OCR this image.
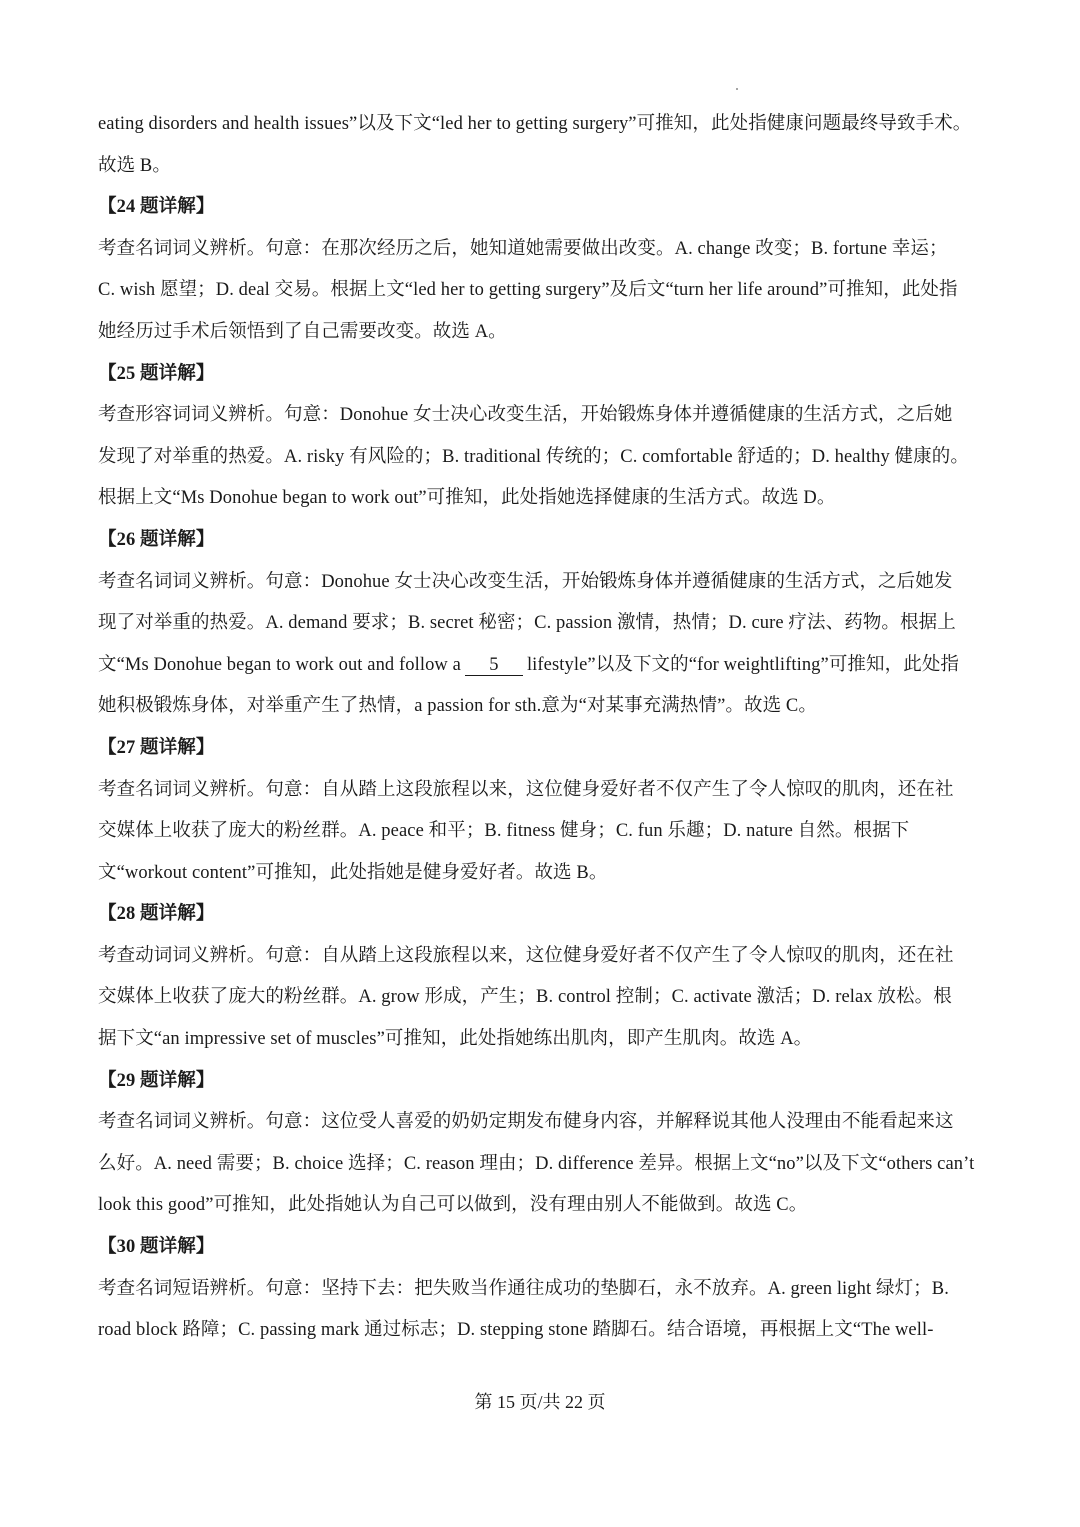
eating disorders and health issues”以及下文“led her to getting surgery”可推知，此处指健康问题最终导致手术。
故选 B。
【24 题详解】
考查名词词义辨析。句意：在那次经历之后，她知道她需要做出改变。A. change 改变；B. fortune 幸运；
C. wish 愿望；D. deal 交易。根据上文“led her to getting surgery”及后文“turn her life around”可推知，此处指
她经历过手术后领悟到了自己需要改变。故选 A。
【25 题详解】
考查形容词词义辨析。句意：Donohue 女士决心改变生活，开始锻炼身体并遵循健康的生活方式，之后她
发现了对举重的热爱。A. risky 有风险的；B. traditional 传统的；C. comfortable 舒适的；D. healthy 健康的。
根据上文“Ms Donohue began to work out”可推知，此处指她选择健康的生活方式。故选 D。
【26 题详解】
考查名词词义辨析。句意：Donohue 女士决心改变生活，开始锻炼身体并遵循健康的生活方式，之后她发
现了对举重的热爱。A. demand 要求；B. secret 秘密；C. passion 激情，热情；D. cure 疗法、药物。根据上
文“Ms Donohue began to work out and follow a 5 lifestyle”以及下文的“for weightlifting”可推知，此处指
她积极锻炼身体，对举重产生了热情，a passion for sth.意为“对某事充满热情”。故选 C。
【27 题详解】
考查名词词义辨析。句意：自从踏上这段旅程以来，这位健身爱好者不仅产生了令人惊叹的肌肉，还在社
交媒体上收获了庞大的粉丝群。A. peace 和平；B. fitness 健身；C. fun 乐趣；D. nature 自然。根据下
文“workout content”可推知，此处指她是健身爱好者。故选 B。
【28 题详解】
考查动词词义辨析。句意：自从踏上这段旅程以来，这位健身爱好者不仅产生了令人惊叹的肌肉，还在社
交媒体上收获了庞大的粉丝群。A. grow 形成，产生；B. control 控制；C. activate 激活；D. relax 放松。根
据下文“an impressive set of muscles”可推知，此处指她练出肌肉，即产生肌肉。故选 A。
【29 题详解】
考查名词词义辨析。句意：这位受人喜爱的奶奶定期发布健身内容，并解释说其他人没理由不能看起来这
么好。A. need 需要；B. choice 选择；C. reason 理由；D. difference 差异。根据上文“no”以及下文“others can’t
look this good”可推知，此处指她认为自己可以做到，没有理由别人不能做到。故选 C。
【30 题详解】
考查名词短语辨析。句意：坚持下去：把失败当作通往成功的垫脚石，永不放弃。A. green light 绿灯；B.
road block 路障；C. passing mark 通过标志；D. stepping stone 踏脚石。结合语境，再根据上文“The well-
第 15 页/共 22 页
